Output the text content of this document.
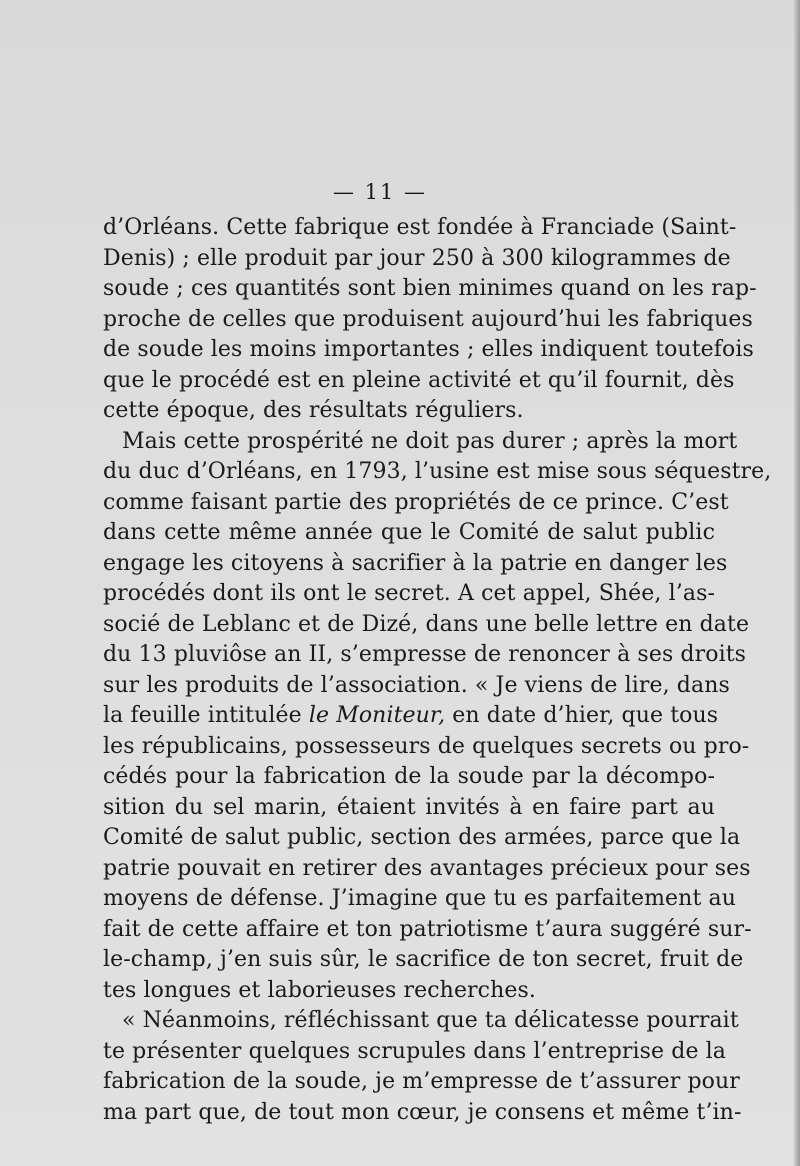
— 11 —
d’Orléans. Cette fabrique est fondée à Franciade (Saint-
Denis) ; elle produit par jour 250 à 300 kilogrammes de
soude ; ces quantités sont bien minimes quand on les rap-
proche de celles que produisent aujourd’hui les fabriques
de soude les moins importantes ; elles indiquent toutefois
que le procédé est en pleine activité et qu’il fournit, dès
cette époque, des résultats réguliers.
Mais cette prospérité ne doit pas durer ; après la mort
du duc d’Orléans, en 1793, l’usine est mise sous séquestre,
comme faisant partie des propriétés de ce prince. C’est
dans cette même année que le Comité de salut public
engage les citoyens à sacrifier à la patrie en danger les
procédés dont ils ont le secret. A cet appel, Shée, l’as-
socié de Leblanc et de Dizé, dans une belle lettre en date
du 13 pluviôse an II, s’empresse de renoncer à ses droits
sur les produits de l’association. « Je viens de lire, dans
la feuille intitulée le Moniteur, en date d’hier, que tous
les républicains, possesseurs de quelques secrets ou pro-
cédés pour la fabrication de la soude par la décompo-
sition du sel marin, étaient invités à en faire part au
Comité de salut public, section des armées, parce que la
patrie pouvait en retirer des avantages précieux pour ses
moyens de défense. J’imagine que tu es parfaitement au
fait de cette affaire et ton patriotisme t’aura suggéré sur-
le-champ, j’en suis sûr, le sacrifice de ton secret, fruit de
tes longues et laborieuses recherches.
« Néanmoins, réfléchissant que ta délicatesse pourrait
te présenter quelques scrupules dans l’entreprise de la
fabrication de la soude, je m’empresse de t’assurer pour
ma part que, de tout mon cœur, je consens et même t’in-
